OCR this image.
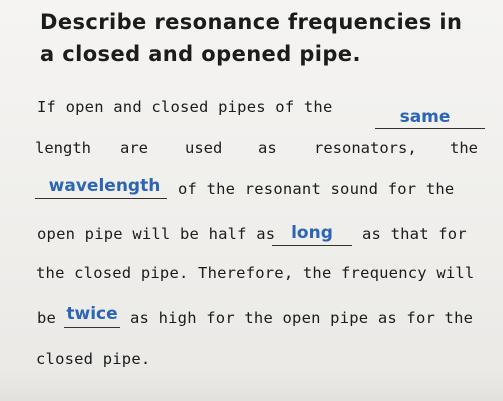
Describe resonance frequencies in
a closed and opened pipe.
If open and closed pipes of the	same
length are used as resonators, the
wavelength	of the resonant sound for the
open pipe will be half as long	as that for
the closed pipe. Therefore, the frequency will
be twice as high for the open pipe as for the
closed pipe.
